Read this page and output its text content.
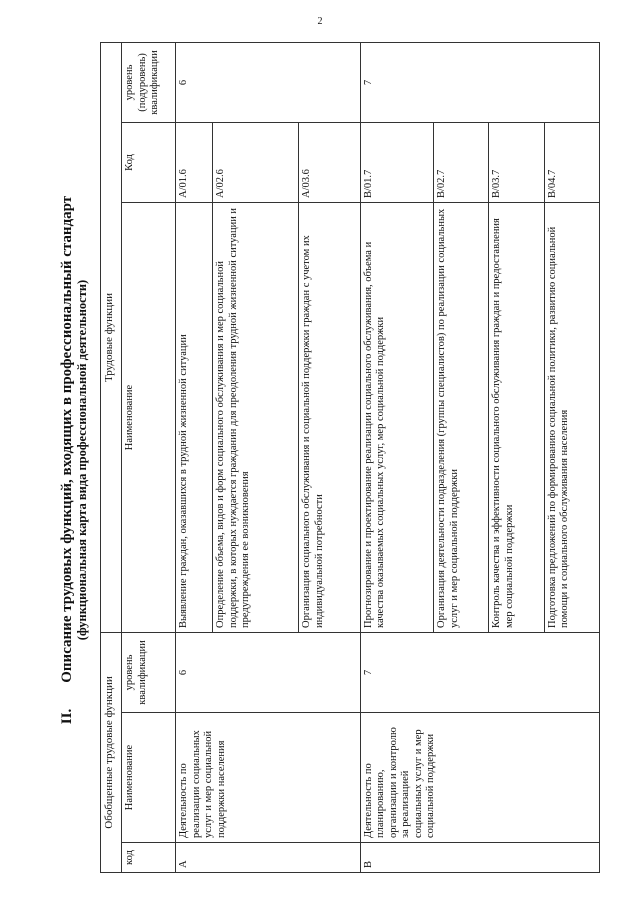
2
II.Описание трудовых функций, входящих в профессиональный стандарт (функциональная карта вида профессиональной деятельности)
Обобщенные трудовые функции			Трудовые функции		
код	Наименование	уровень квалификации	Наименование	Код	уровень (подуровень) квалификации
A	Деятельность по реализации социальных услуг и мер социальной поддержки населения	6	Выявление граждан, оказавшихся в трудной жизненной ситуации	A/01.6	6
			Определение объема, видов и форм социального обслуживания и мер социальной поддержки, в которых нуждается гражданин для преодоления трудной жизненной ситуации и предупреждения ее возникновения	A/02.6	
			Организация социального обслуживания и социальной поддержки граждан с учетом их индивидуальной потребности	A/03.6	
B	Деятельность по планированию, организации и контролю за реализацией социальных услуг и мер социальной поддержки	7	Прогнозирование и проектирование реализации социального обслуживания, объема и качества оказываемых социальных услуг, мер социальной поддержки	B/01.7	7
			Организация деятельности подразделения (группы специалистов) по реализации социальных услуг и мер социальной поддержки	B/02.7	
			Контроль качества и эффективности социального обслуживания граждан и предоставления мер социальной поддержки	B/03.7	
			Подготовка предложений по формированию социальной политики, развитию социальной помощи и социального обслуживания населения	B/04.7	
